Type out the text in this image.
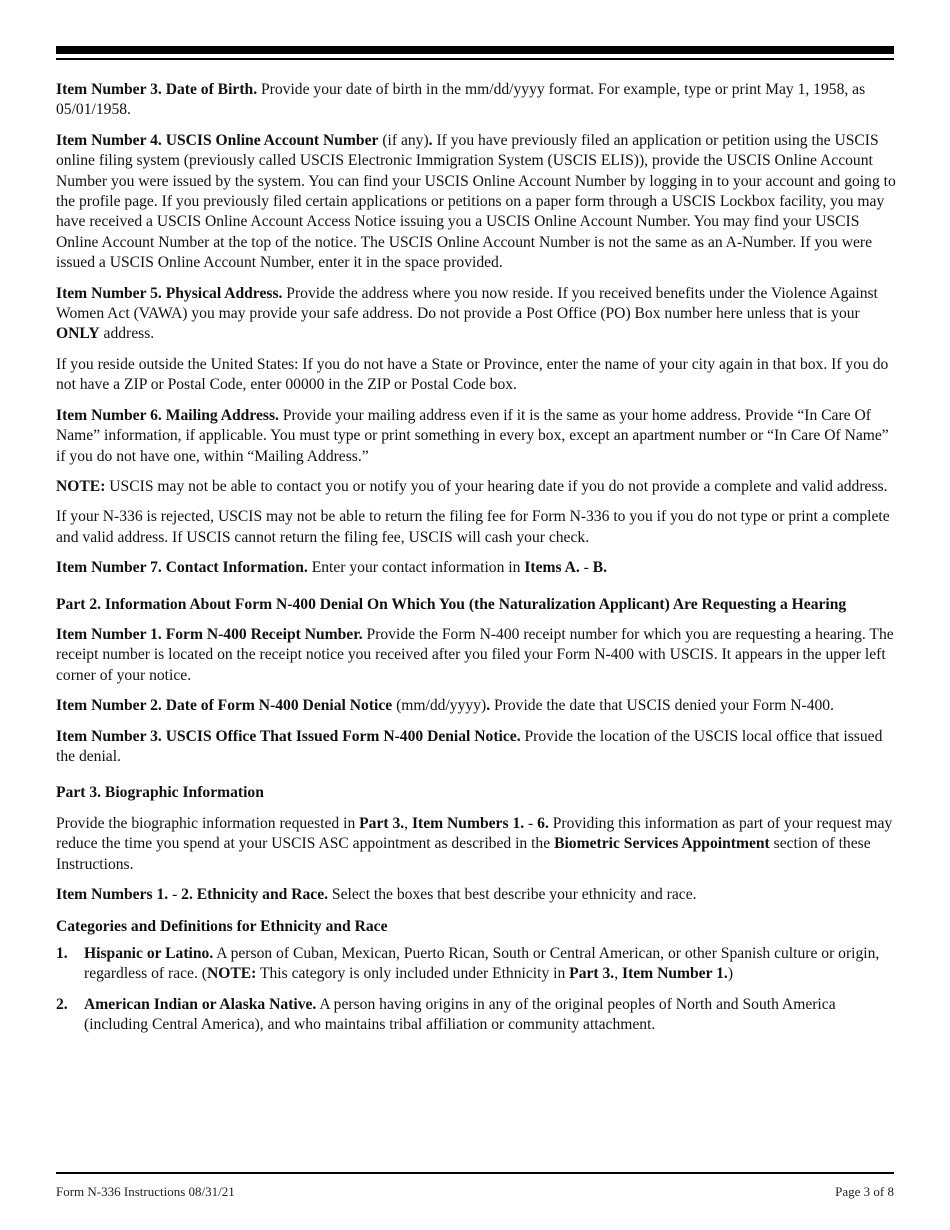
Item Number 3. Date of Birth. Provide your date of birth in the mm/dd/yyyy format. For example, type or print May 1, 1958, as 05/01/1958.

Item Number 4. USCIS Online Account Number (if any). If you have previously filed an application or petition using the USCIS online filing system (previously called USCIS Electronic Immigration System (USCIS ELIS)), provide the USCIS Online Account Number you were issued by the system. You can find your USCIS Online Account Number by logging in to your account and going to the profile page. If you previously filed certain applications or petitions on a paper form through a USCIS Lockbox facility, you may have received a USCIS Online Account Access Notice issuing you a USCIS Online Account Number. You may find your USCIS Online Account Number at the top of the notice. The USCIS Online Account Number is not the same as an A-Number. If you were issued a USCIS Online Account Number, enter it in the space provided.

Item Number 5. Physical Address. Provide the address where you now reside. If you received benefits under the Violence Against Women Act (VAWA) you may provide your safe address. Do not provide a Post Office (PO) Box number here unless that is your ONLY address.

If you reside outside the United States: If you do not have a State or Province, enter the name of your city again in that box. If you do not have a ZIP or Postal Code, enter 00000 in the ZIP or Postal Code box.

Item Number 6. Mailing Address. Provide your mailing address even if it is the same as your home address. Provide “In Care Of Name” information, if applicable. You must type or print something in every box, except an apartment number or “In Care Of Name” if you do not have one, within “Mailing Address.”

NOTE: USCIS may not be able to contact you or notify you of your hearing date if you do not provide a complete and valid address.

If your N-336 is rejected, USCIS may not be able to return the filing fee for Form N-336 to you if you do not type or print a complete and valid address. If USCIS cannot return the filing fee, USCIS will cash your check.

Item Number 7. Contact Information. Enter your contact information in Items A. - B.

Part 2. Information About Form N-400 Denial On Which You (the Naturalization Applicant) Are Requesting a Hearing

Item Number 1. Form N-400 Receipt Number. Provide the Form N-400 receipt number for which you are requesting a hearing. The receipt number is located on the receipt notice you received after you filed your Form N-400 with USCIS. It appears in the upper left corner of your notice.

Item Number 2. Date of Form N-400 Denial Notice (mm/dd/yyyy). Provide the date that USCIS denied your Form N-400.

Item Number 3. USCIS Office That Issued Form N-400 Denial Notice. Provide the location of the USCIS local office that issued the denial.

Part 3. Biographic Information

Provide the biographic information requested in Part 3., Item Numbers 1. - 6. Providing this information as part of your request may reduce the time you spend at your USCIS ASC appointment as described in the Biometric Services Appointment section of these Instructions.

Item Numbers 1. - 2. Ethnicity and Race. Select the boxes that best describe your ethnicity and race.

Categories and Definitions for Ethnicity and Race
1. Hispanic or Latino. A person of Cuban, Mexican, Puerto Rican, South or Central American, or other Spanish culture or origin, regardless of race. (NOTE: This category is only included under Ethnicity in Part 3., Item Number 1.)
2. American Indian or Alaska Native. A person having origins in any of the original peoples of North and South America (including Central America), and who maintains tribal affiliation or community attachment.
Form N-336 Instructions 08/31/21	Page 3 of 8
